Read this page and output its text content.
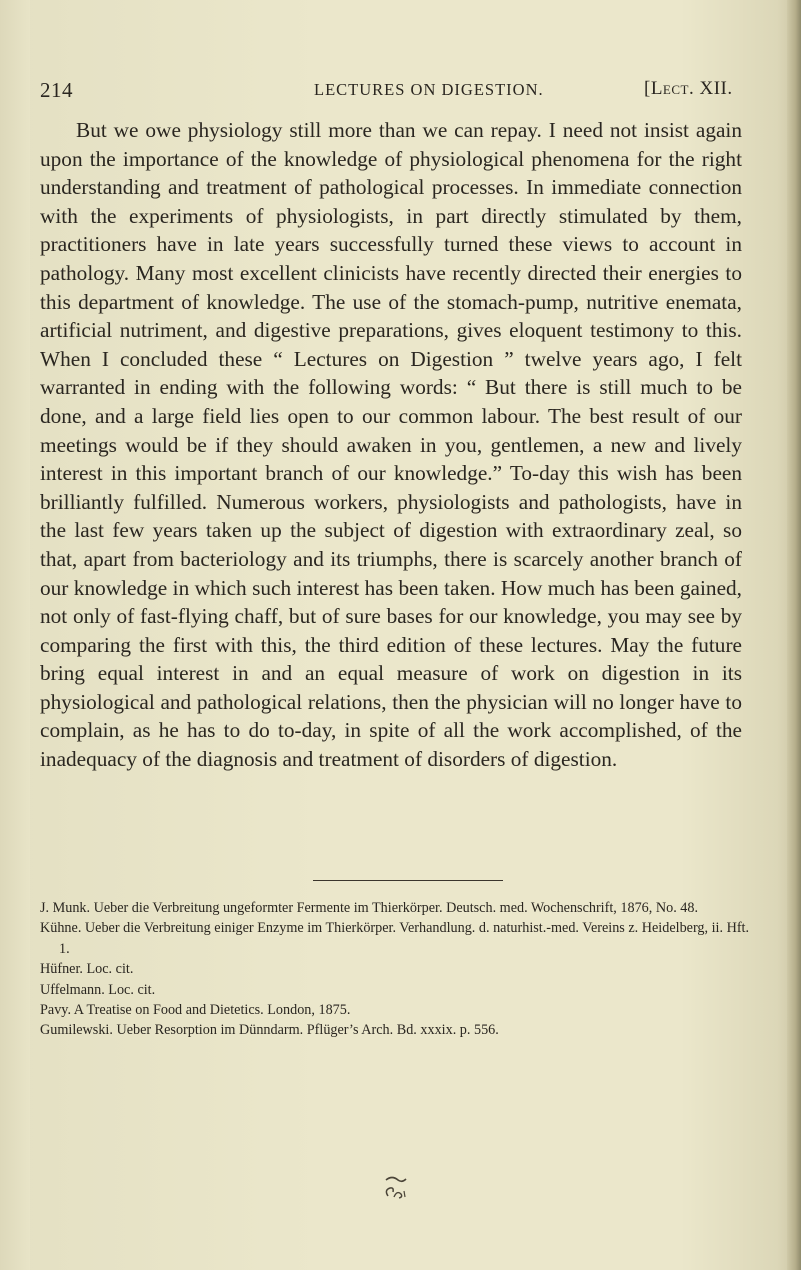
214	LECTURES ON DIGESTION.	[Lect. XII.

But we owe physiology still more than we can repay. I need not insist again upon the importance of the knowledge of physiological phenomena for the right understanding and treatment of pathological processes. In immediate connection with the experiments of physiologists, in part directly stimulated by them, practitioners have in late years successfully turned these views to account in pathology. Many most excellent clinicists have recently directed their energies to this department of knowledge. The use of the stomach-pump, nutritive enemata, artificial nutriment, and digestive preparations, gives eloquent testimony to this. When I concluded these “ Lectures on Digestion ” twelve years ago, I felt warranted in ending with the following words: “ But there is still much to be done, and a large field lies open to our common labour. The best result of our meetings would be if they should awaken in you, gentlemen, a new and lively interest in this important branch of our knowledge.” To-day this wish has been brilliantly fulfilled. Numerous workers, physiologists and pathologists, have in the last few years taken up the subject of digestion with extraordinary zeal, so that, apart from bacteriology and its triumphs, there is scarcely another branch of our knowledge in which such interest has been taken. How much has been gained, not only of fast-flying chaff, but of sure bases for our knowledge, you may see by comparing the first with this, the third edition of these lectures. May the future bring equal interest in and an equal measure of work on digestion in its physiological and pathological relations, then the physician will no longer have to complain, as he has to do to-day, in spite of all the work accomplished, of the inadequacy of the diagnosis and treatment of disorders of digestion.

J. Munk. Ueber die Verbreitung ungeformter Fermente im Thierkörper. Deutsch. med. Wochenschrift, 1876, No. 48.
Kühne. Ueber die Verbreitung einiger Enzyme im Thierkörper. Verhandlung. d. naturhist.-med. Vereins z. Heidelberg, ii. Hft. 1.
Hüfner. Loc. cit.
Uffelmann. Loc. cit.
Pavy. A Treatise on Food and Dietetics. London, 1875.
Gumilewski. Ueber Resorption im Dünndarm. Pflüger’s Arch. Bd. xxxix. p. 556.
